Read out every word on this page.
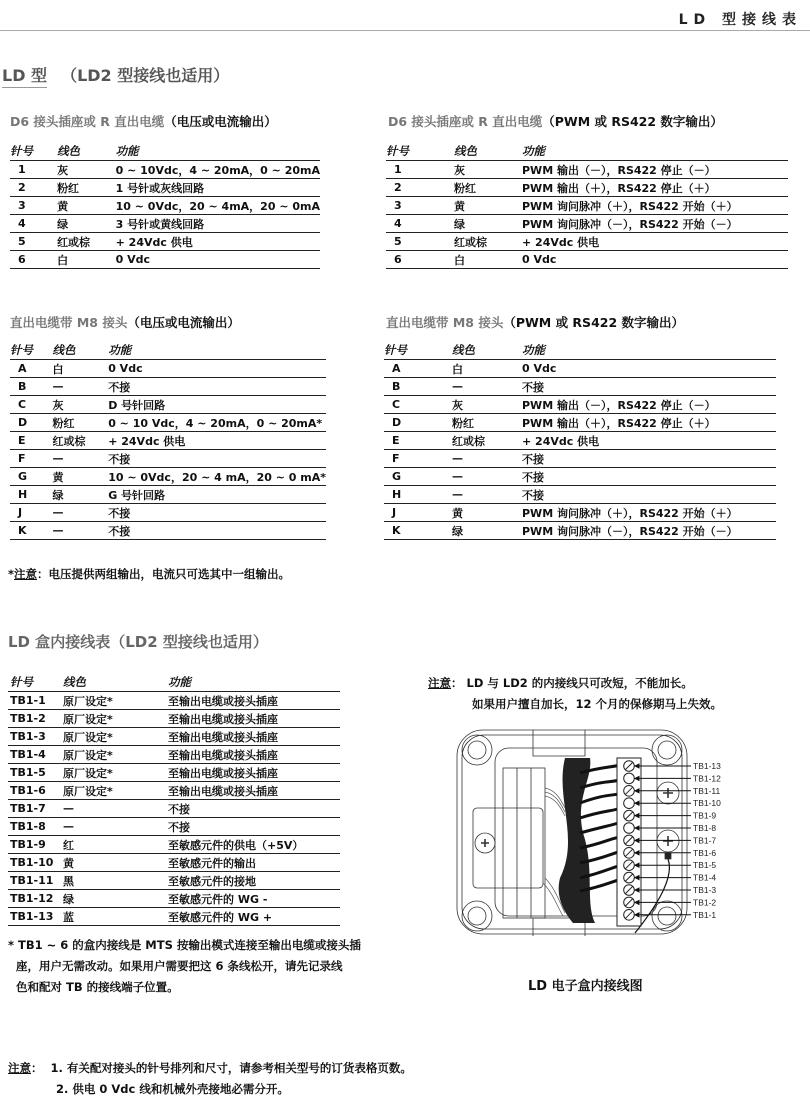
LD 型接线表
LD 型 （LD2 型接线也适用）
D6 接头插座或 R 直出电缆（电压或电流输出）
针号	线色	功能
1	灰	0 ~ 10Vdc，4 ~ 20mA，0 ~ 20mA
2	粉红	1 号针或灰线回路
3	黄	10 ~ 0Vdc，20 ~ 4mA，20 ~ 0mA
4	绿	3 号针或黄线回路
5	红或棕	+ 24Vdc 供电
6	白	0 Vdc
D6 接头插座或 R 直出电缆（PWM 或 RS422 数字输出）
针号	线色	功能
1	灰	PWM 输出（－），RS422 停止（－）
2	粉红	PWM 输出（＋），RS422 停止（＋）
3	黄	PWM 询问脉冲（＋），RS422 开始（＋）
4	绿	PWM 询问脉冲（－），RS422 开始（－）
5	红或棕	+ 24Vdc 供电
6	白	0 Vdc
直出电缆带 M8 接头（电压或电流输出）
针号	线色	功能
A	白	0 Vdc
B	—	不接
C	灰	D 号针回路
D	粉红	0 ~ 10 Vdc，4 ~ 20mA，0 ~ 20mA*
E	红或棕	+ 24Vdc 供电
F	—	不接
G	黄	10 ~ 0Vdc，20 ~ 4 mA，20 ~ 0 mA*
H	绿	G 号针回路
J	—	不接
K	—	不接
直出电缆带 M8 接头（PWM 或 RS422 数字输出）
针号	线色	功能
A	白	0 Vdc
B	—	不接
C	灰	PWM 输出（－），RS422 停止（－）
D	粉红	PWM 输出（＋），RS422 停止（＋）
E	红或棕	+ 24Vdc 供电
F	—	不接
G	—	不接
H	—	不接
J	黄	PWM 询问脉冲（＋），RS422 开始（＋）
K	绿	PWM 询问脉冲（－），RS422 开始（－）
*注意：电压提供两组输出，电流只可选其中一组输出。
LD 盒内接线表（LD2 型接线也适用）
针号	线色	功能
TB1-1	原厂设定*	至输出电缆或接头插座
TB1-2	原厂设定*	至输出电缆或接头插座
TB1-3	原厂设定*	至输出电缆或接头插座
TB1-4	原厂设定*	至输出电缆或接头插座
TB1-5	原厂设定*	至输出电缆或接头插座
TB1-6	原厂设定*	至输出电缆或接头插座
TB1-7	—	不接
TB1-8	—	不接
TB1-9	红	至敏感元件的供电（+5V）
TB1-10	黄	至敏感元件的输出
TB1-11	黑	至敏感元件的接地
TB1-12	绿	至敏感元件的 WG -
TB1-13	蓝	至敏感元件的 WG +
* TB1 ~ 6 的盒内接线是 MTS 按输出模式连接至输出电缆或接头插
座，用户无需改动。如果用户需要把这 6 条线松开，请先记录线
色和配对 TB 的接线端子位置。
注意： LD 与 LD2 的内接线只可改短，不能加长。
如果用户擅自加长，12 个月的保修期马上失效。
TB1-13
TB1-12
TB1-11
TB1-10
TB1-9
TB1-8
TB1-7
TB1-6
TB1-5
TB1-4
TB1-3
TB1-2
TB1-1
LD 电子盒内接线图
注意： 1. 有关配对接头的针号排列和尺寸，请参考相关型号的订货表格页数。
2. 供电 0 Vdc 线和机械外壳接地必需分开。
